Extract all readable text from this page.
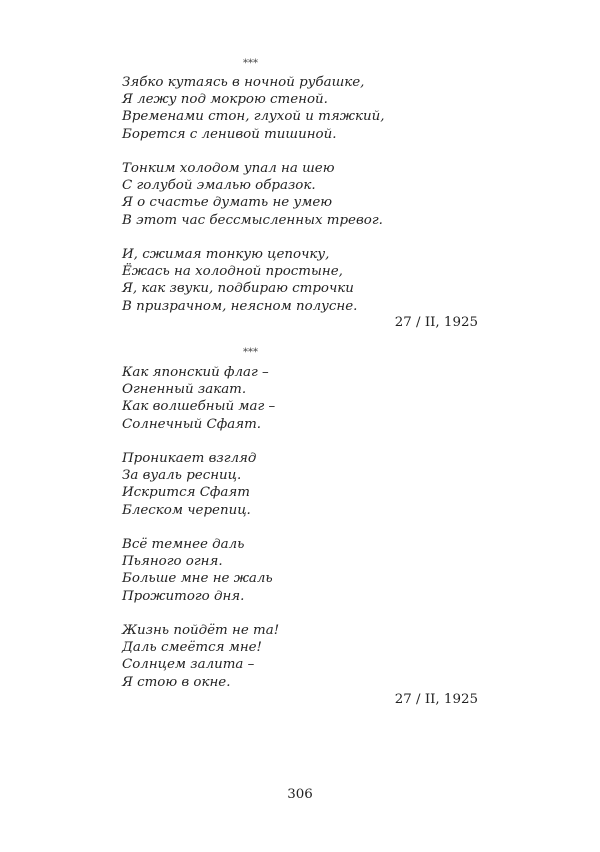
***
Зябко кутаясь в ночной рубашке,
Я лежу под мокрою стеной.
Временами стон, глухой и тяжкий,
Борется с ленивой тишиной.
Тонким холодом упал на шею
С голубой эмалью образок.
Я о счастье думать не умею
В этот час бессмысленных тревог.
И, сжимая тонкую цепочку,
Ёжась на холодной простыне,
Я, как звуки, подбираю строчки
В призрачном, неясном полусне.
27 / II, 1925
***
Как японский флаг –
Огненный закат.
Как волшебный маг –
Солнечный Сфаят.
Проникает взгляд
За вуаль ресниц.
Искрится Сфаят
Блеском черепиц.
Всё темнее даль
Пьяного огня.
Больше мне не жаль
Прожитого дня.
Жизнь пойдёт не та!
Даль смеётся мне!
Солнцем залита –
Я стою в окне.
27 / II, 1925
306
